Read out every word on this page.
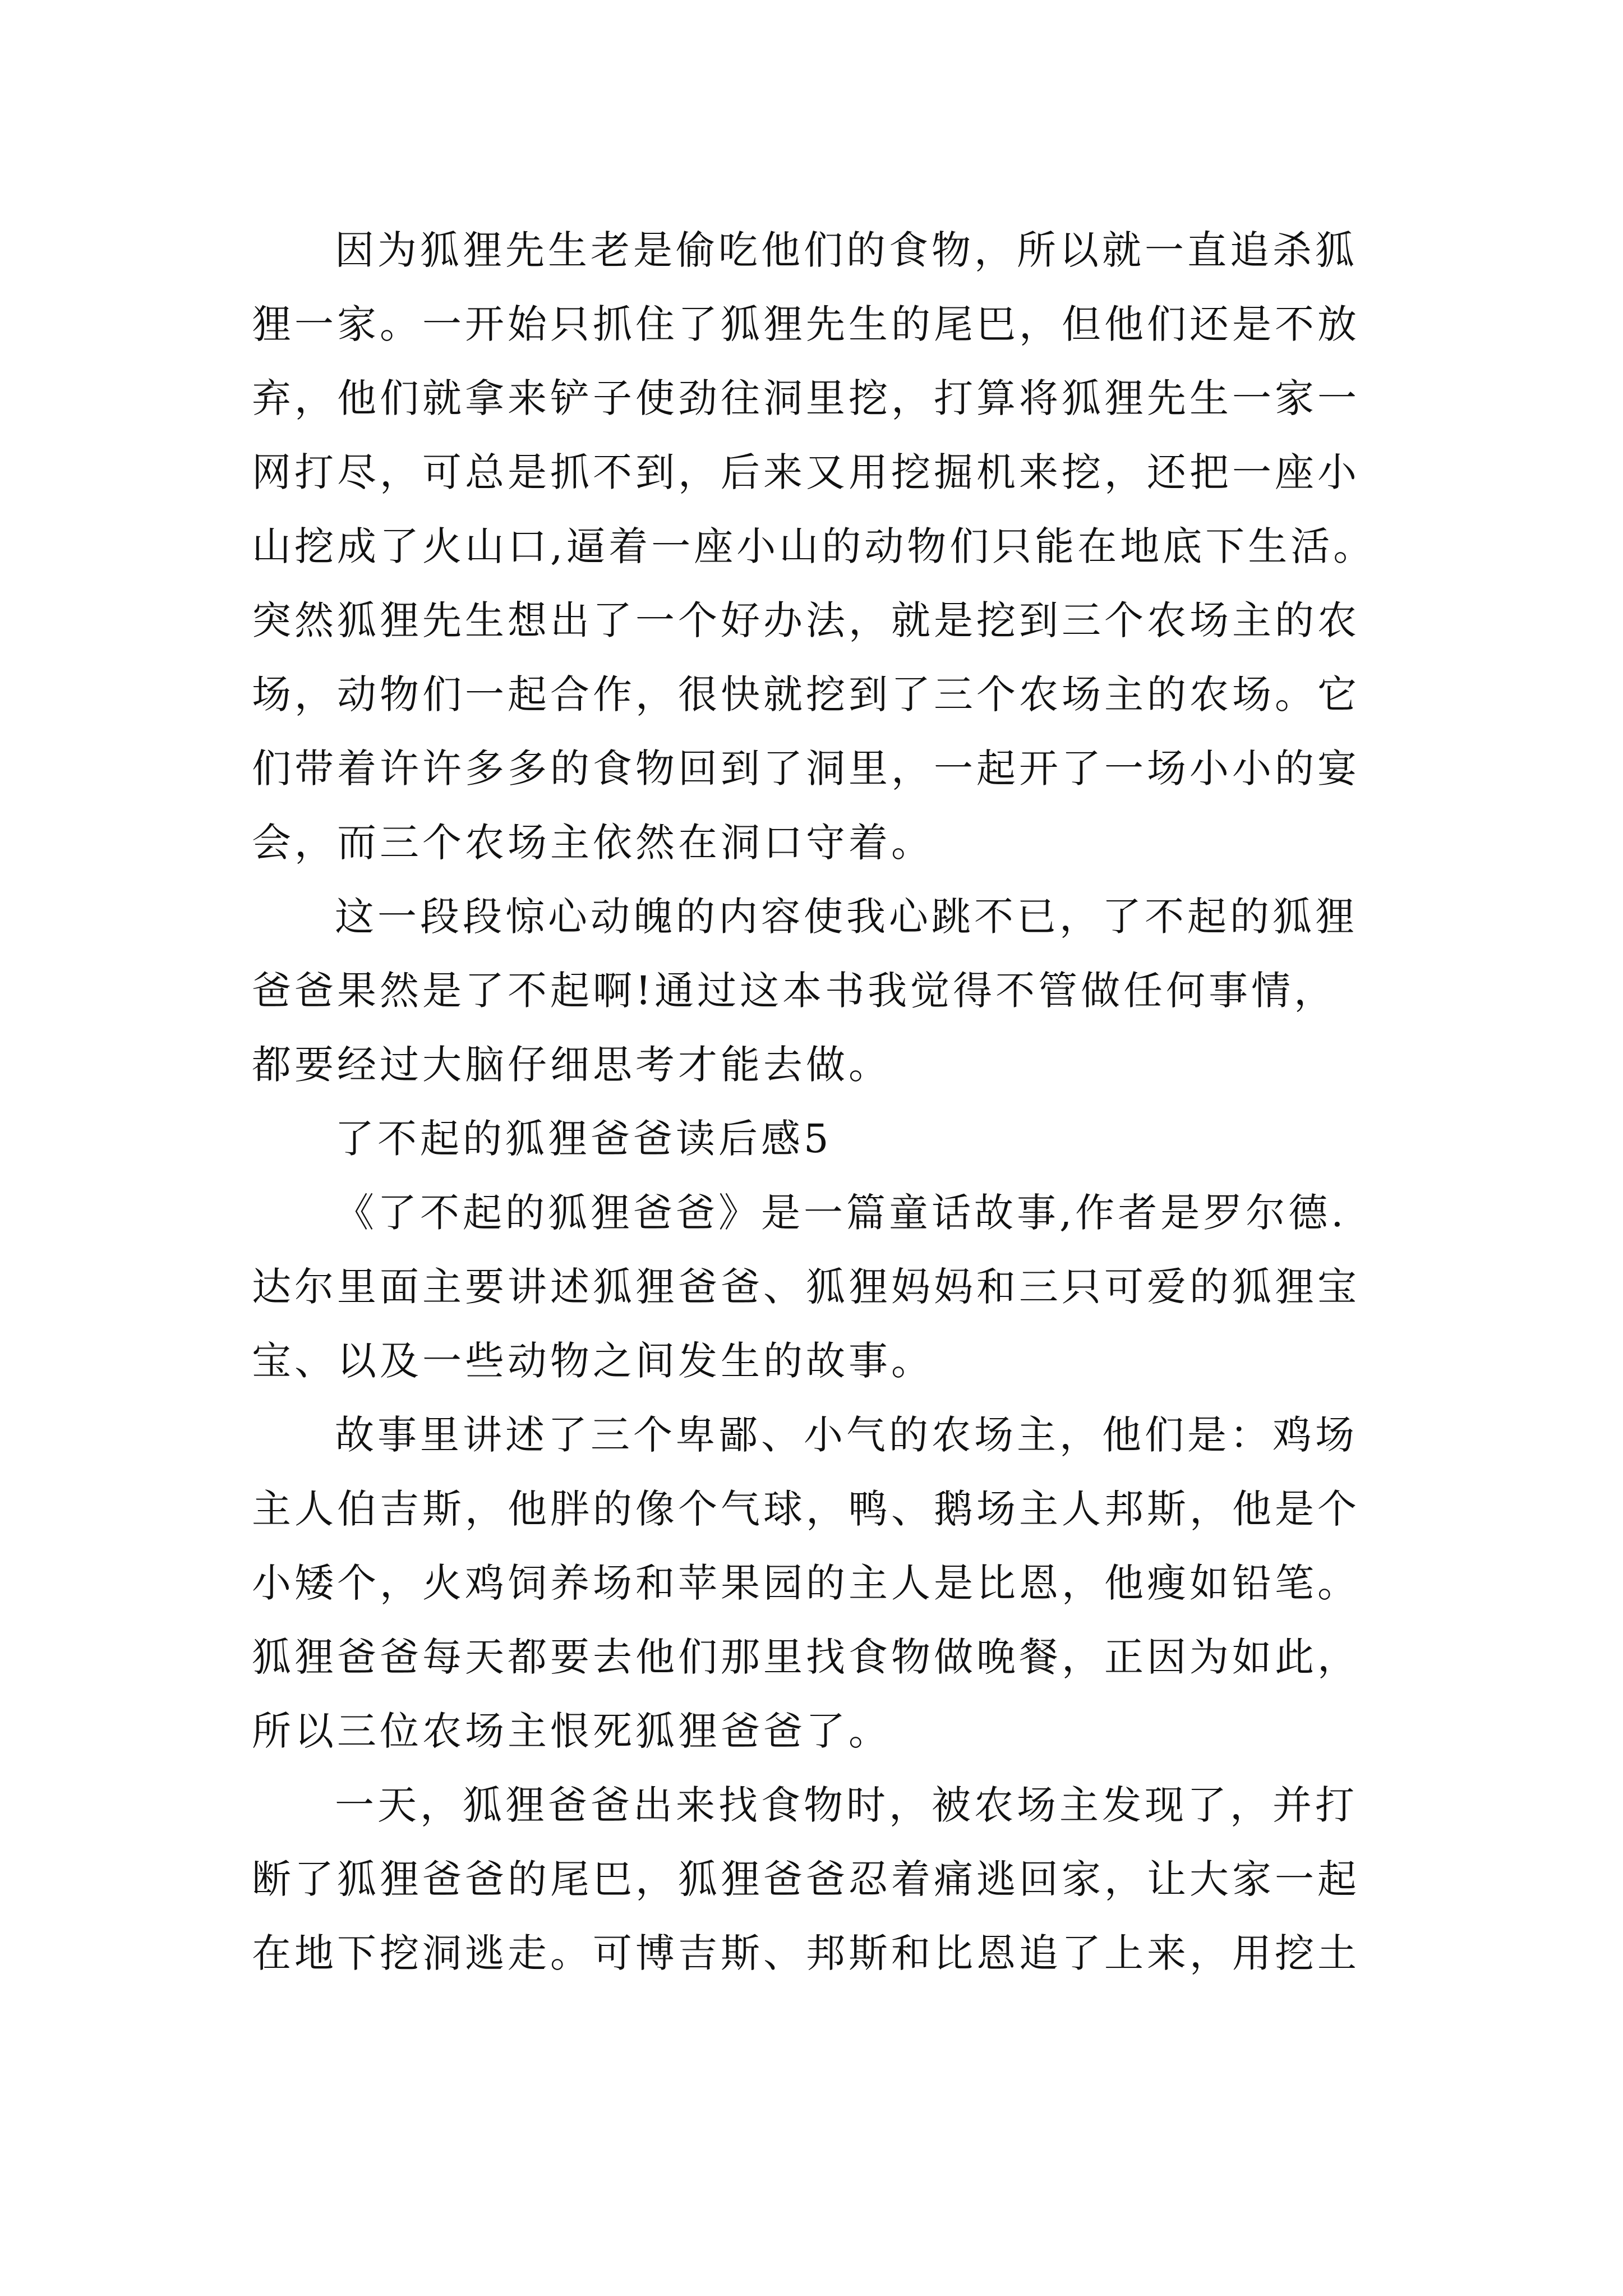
因为狐狸先生老是偷吃他们的食物，所以就一直追杀狐
狸一家。一开始只抓住了狐狸先生的尾巴，但他们还是不放
弃，他们就拿来铲子使劲往洞里挖，打算将狐狸先生一家一
网打尽，可总是抓不到，后来又用挖掘机来挖，还把一座小
山挖成了火山口,逼着一座小山的动物们只能在地底下生活。
突然狐狸先生想出了一个好办法，就是挖到三个农场主的农
场，动物们一起合作，很快就挖到了三个农场主的农场。它
们带着许许多多的食物回到了洞里，一起开了一场小小的宴
会，而三个农场主依然在洞口守着。
这一段段惊心动魄的内容使我心跳不已，了不起的狐狸
爸爸果然是了不起啊!通过这本书我觉得不管做任何事情，
都要经过大脑仔细思考才能去做。
了不起的狐狸爸爸读后感5
《了不起的狐狸爸爸》是一篇童话故事,作者是罗尔德.
达尔里面主要讲述狐狸爸爸、狐狸妈妈和三只可爱的狐狸宝
宝、以及一些动物之间发生的故事。
故事里讲述了三个卑鄙、小气的农场主，他们是：鸡场
主人伯吉斯，他胖的像个气球，鸭、鹅场主人邦斯，他是个
小矮个，火鸡饲养场和苹果园的主人是比恩，他瘦如铅笔。
狐狸爸爸每天都要去他们那里找食物做晚餐，正因为如此，
所以三位农场主恨死狐狸爸爸了。
一天，狐狸爸爸出来找食物时，被农场主发现了，并打
断了狐狸爸爸的尾巴，狐狸爸爸忍着痛逃回家，让大家一起
在地下挖洞逃走。可博吉斯、邦斯和比恩追了上来，用挖土
